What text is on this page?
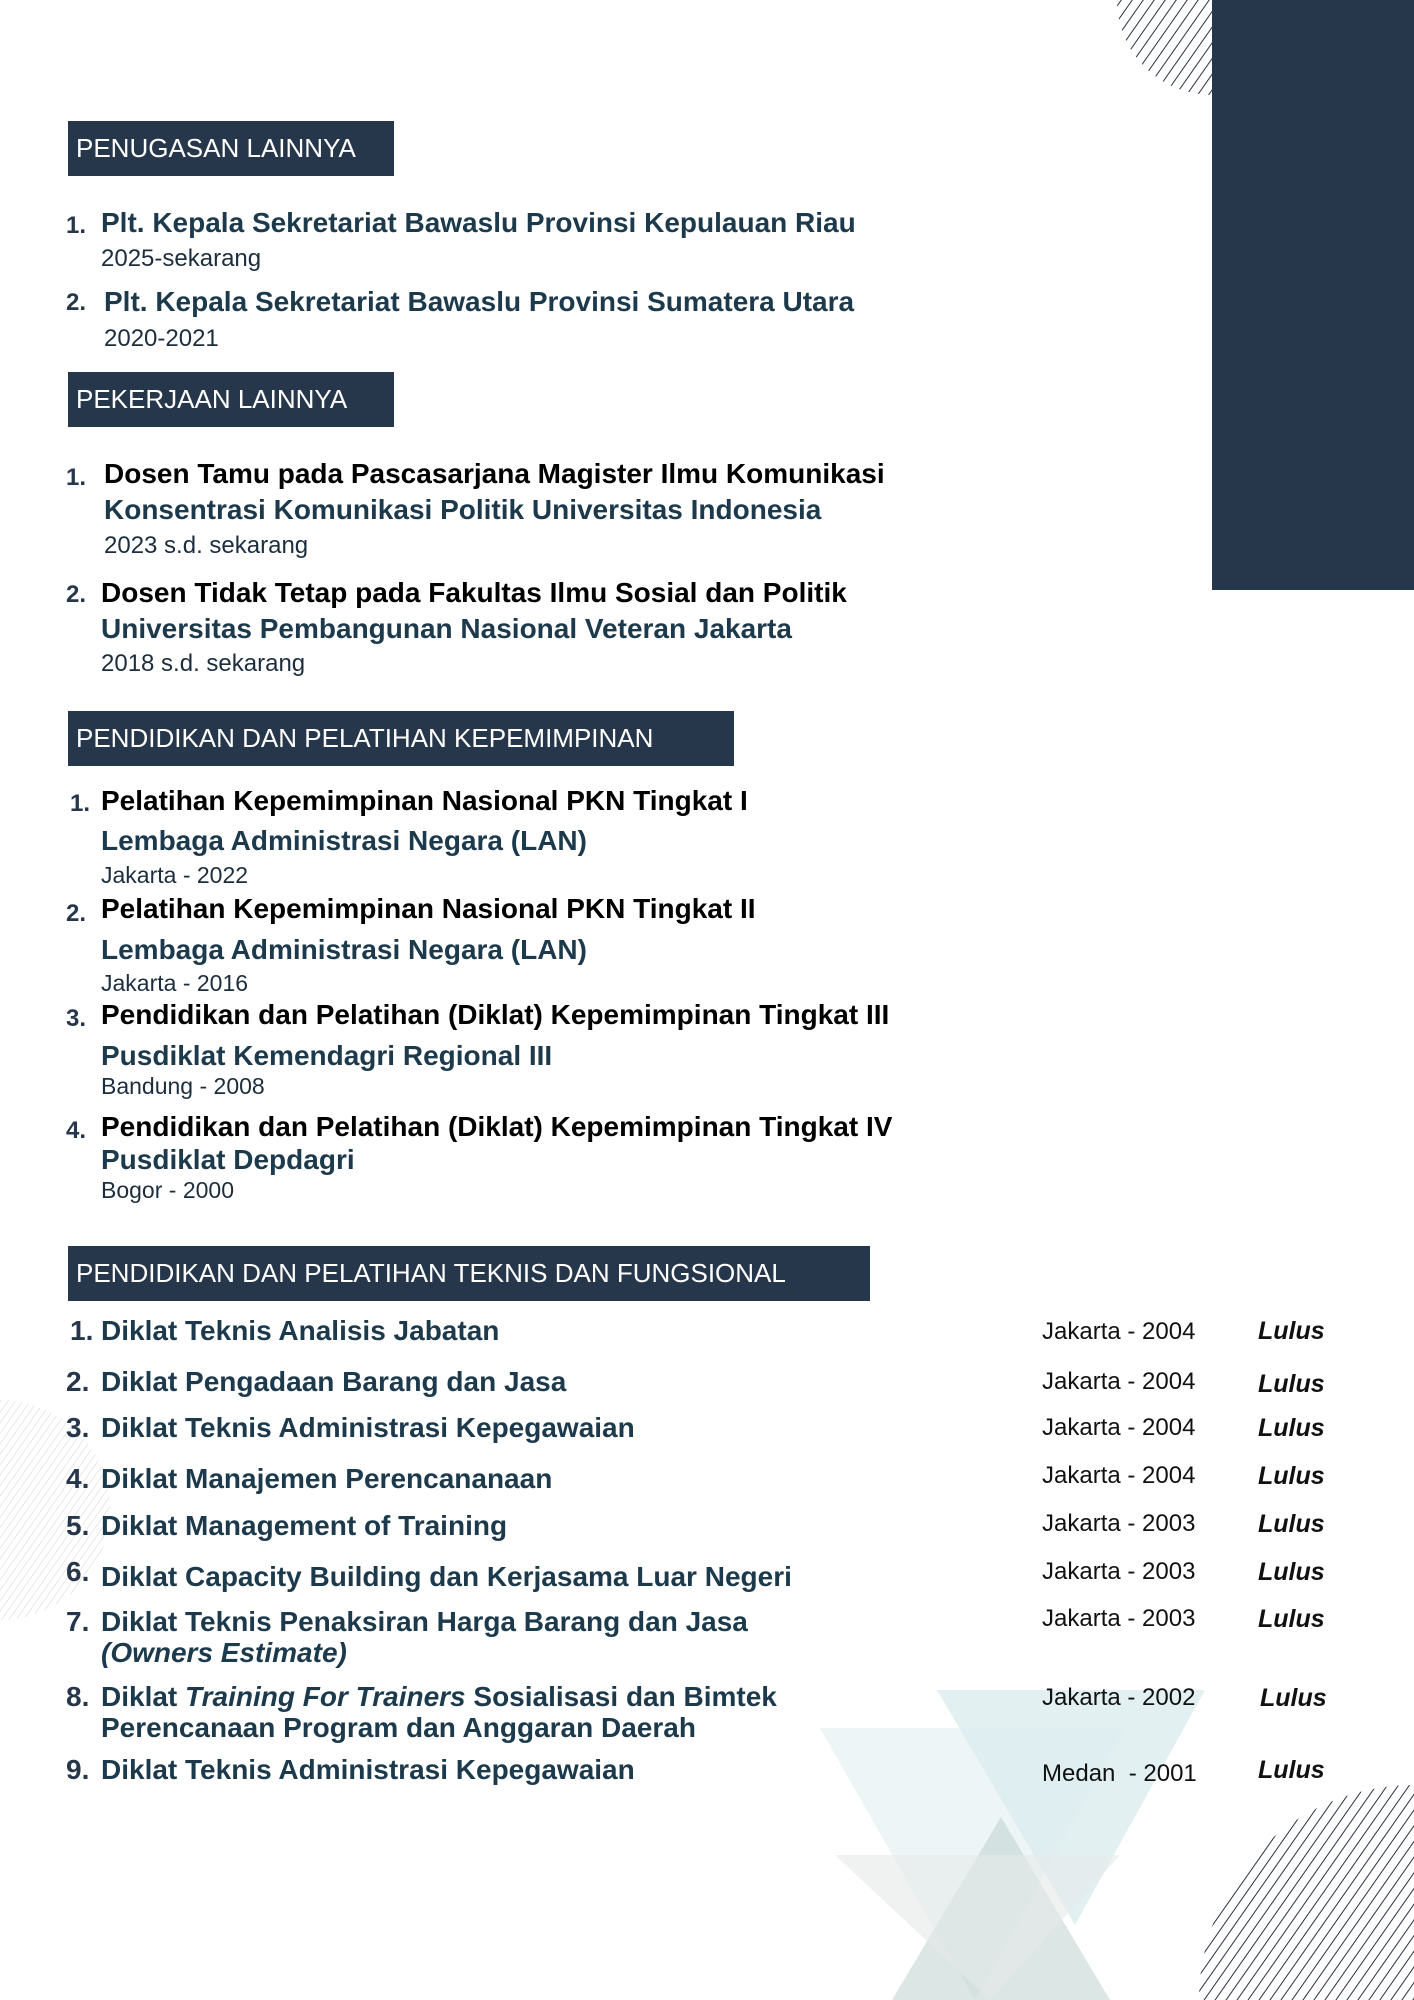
PENUGASAN LAINNYA
1. Plt. Kepala Sekretariat Bawaslu Provinsi Kepulauan Riau
2025-sekarang
2. Plt. Kepala Sekretariat Bawaslu Provinsi Sumatera Utara
2020-2021
PEKERJAAN LAINNYA
1. Dosen Tamu pada Pascasarjana Magister Ilmu Komunikasi
Konsentrasi Komunikasi Politik Universitas Indonesia
2023 s.d. sekarang
2. Dosen Tidak Tetap pada Fakultas Ilmu Sosial dan Politik
Universitas Pembangunan Nasional Veteran Jakarta
2018 s.d. sekarang
PENDIDIKAN DAN PELATIHAN KEPEMIMPINAN
1. Pelatihan Kepemimpinan Nasional PKN Tingkat I
Lembaga Administrasi Negara (LAN)
Jakarta - 2022
2. Pelatihan Kepemimpinan Nasional PKN Tingkat II
Lembaga Administrasi Negara (LAN)
Jakarta - 2016
3. Pendidikan dan Pelatihan (Diklat) Kepemimpinan Tingkat III
Pusdiklat Kemendagri Regional III
Bandung - 2008
4. Pendidikan dan Pelatihan (Diklat) Kepemimpinan Tingkat IV
Pusdiklat Depdagri
Bogor - 2000
PENDIDIKAN DAN PELATIHAN TEKNIS DAN FUNGSIONAL
1. Diklat Teknis Analisis Jabatan	Jakarta - 2004	Lulus
2. Diklat Pengadaan Barang dan Jasa	Jakarta - 2004	Lulus
3. Diklat Teknis Administrasi Kepegawaian	Jakarta - 2004	Lulus
4. Diklat Manajemen Perencananaan	Jakarta - 2004	Lulus
5. Diklat Management of Training	Jakarta - 2003	Lulus
6. Diklat Capacity Building dan Kerjasama Luar Negeri	Jakarta - 2003	Lulus
7. Diklat Teknis Penaksiran Harga Barang dan Jasa
(Owners Estimate)
Jakarta - 2003	Lulus
8. Diklat Training For Trainers Sosialisasi dan Bimtek
Perencanaan Program dan Anggaran Daerah
Jakarta - 2002	Lulus
9. Diklat Teknis Administrasi Kepegawaian	Medan  - 2001 Lulus
